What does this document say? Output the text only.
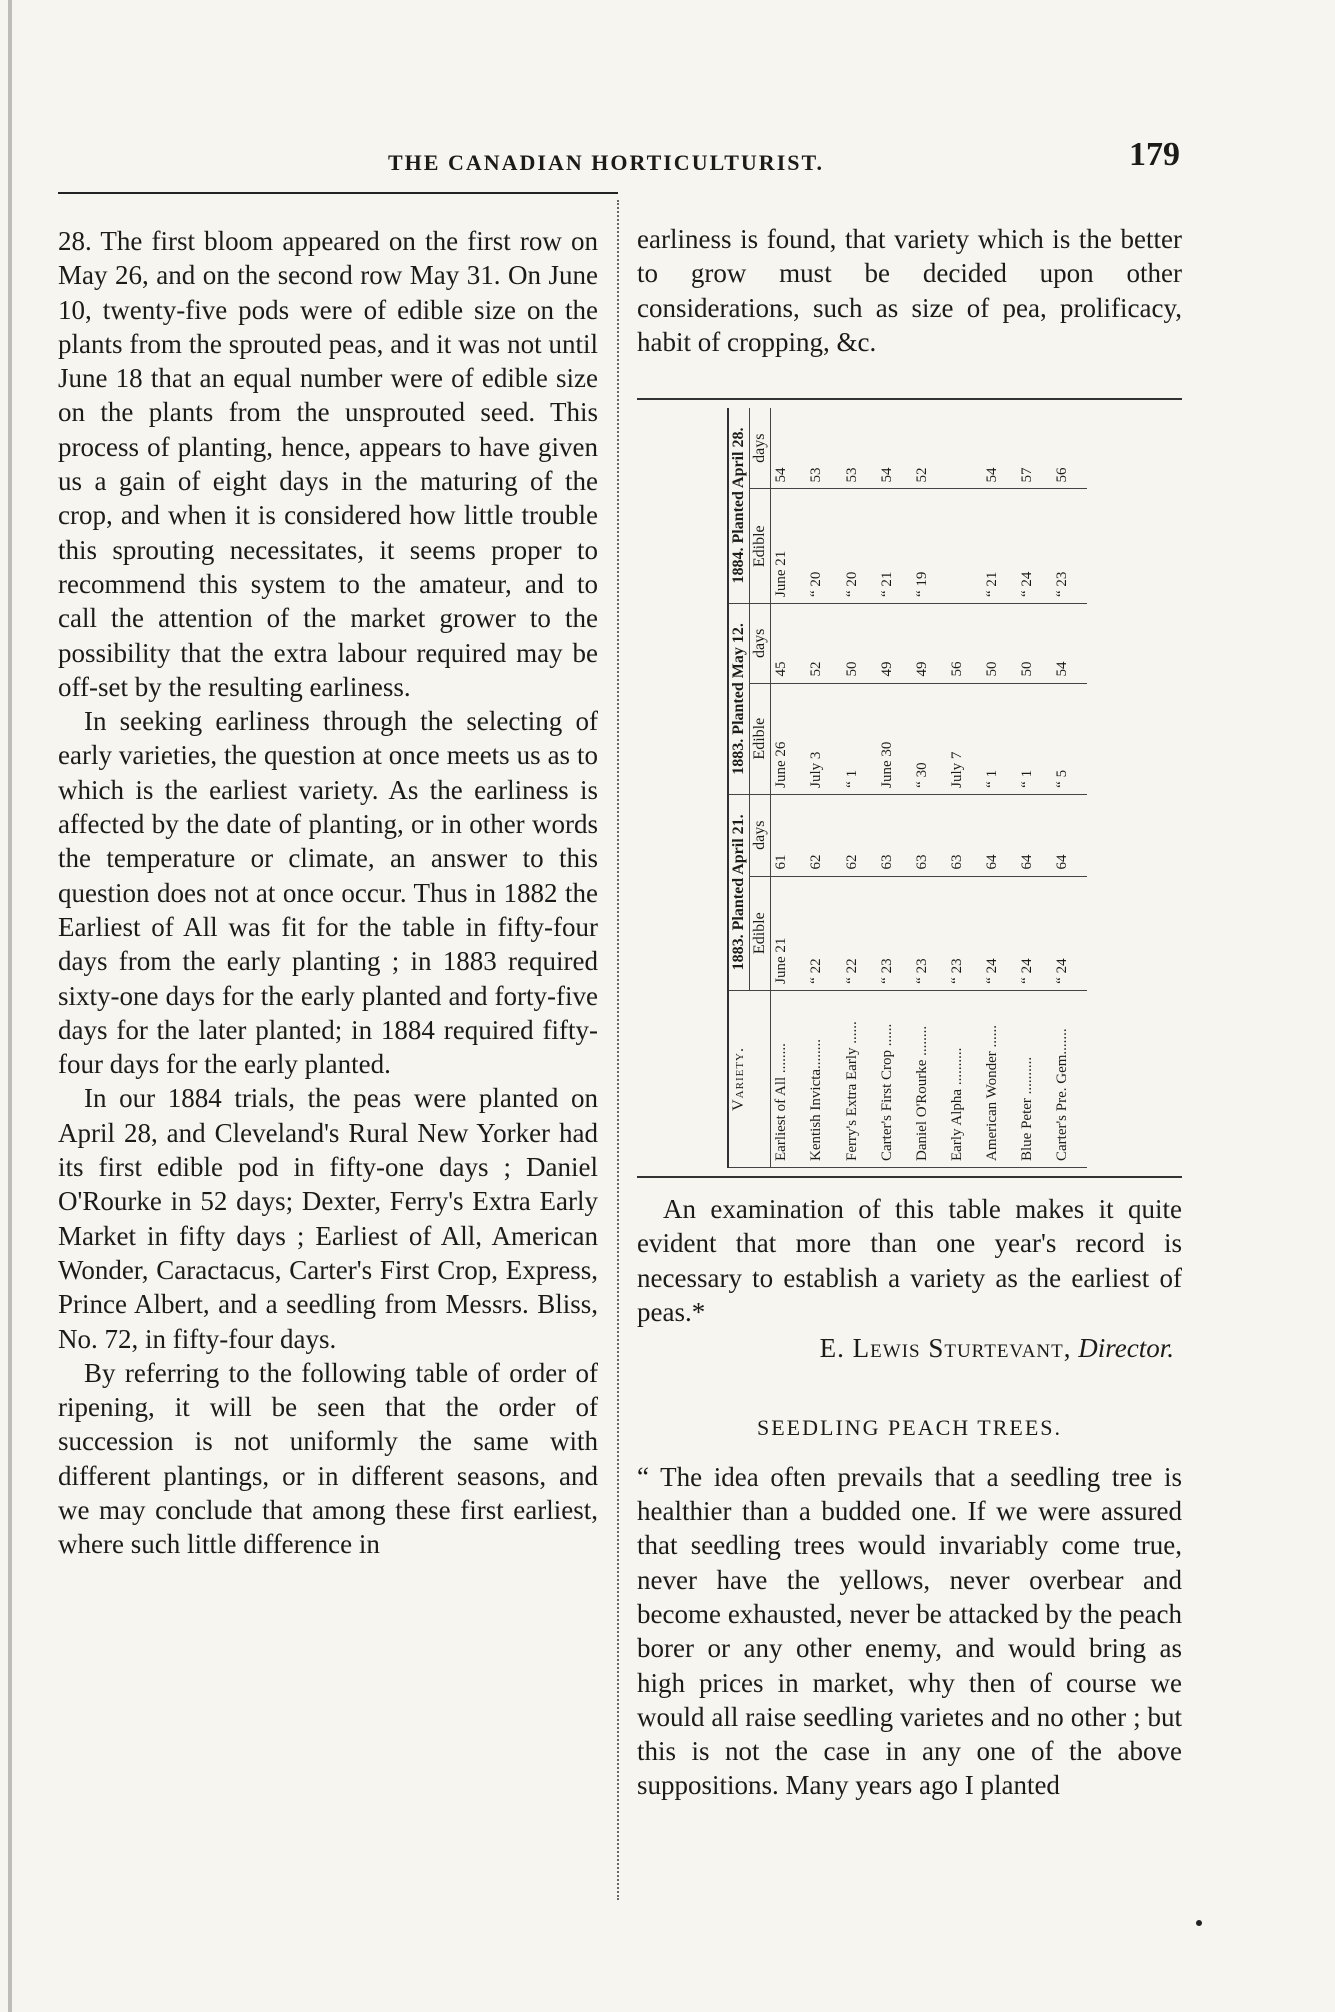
THE CANADIAN HORTICULTURIST.	179

28. The first bloom appeared on the first row on May 26, and on the second row May 31. On June 10, twenty-five pods were of edible size on the plants from the sprouted peas, and it was not until June 18 that an equal number were of edible size on the plants from the unsprouted seed. This process of planting, hence, appears to have given us a gain of eight days in the maturing of the crop, and when it is considered how little trouble this sprouting necessitates, it seems proper to recommend this system to the amateur, and to call the attention of the market grower to the possibility that the extra labour required may be off-set by the resulting earliness.

In seeking earliness through the selecting of early varieties, the question at once meets us as to which is the earliest variety. As the earliness is affected by the date of planting, or in other words the temperature or climate, an answer to this question does not at once occur. Thus in 1882 the Earliest of All was fit for the table in fifty-four days from the early planting ; in 1883 required sixty-one days for the early planted and forty-five days for the later planted; in 1884 required fifty-four days for the early planted.

In our 1884 trials, the peas were planted on April 28, and Cleveland's Rural New Yorker had its first edible pod in fifty-one days ; Daniel O'Rourke in 52 days; Dexter, Ferry's Extra Early Market in fifty days ; Earliest of All, American Wonder, Caractacus, Carter's First Crop, Express, Prince Albert, and a seedling from Messrs. Bliss, No. 72, in fifty-four days.

By referring to the following table of order of ripening, it will be seen that the order of succession is not uniformly the same with different plantings, or in different seasons, and we may conclude that among these first earliest, where such little difference in

earliness is found, that variety which is the better to grow must be decided upon other considerations, such as size of pea, prolificacy, habit of cropping, &c.

Variety.	1883. Planted April 21.		1883. Planted May 12.		1884. Planted April 28.	
	Edible	days	Edible	days	Edible	days
Earliest of All ........	June 21	61	June 26	45	June 21	54
Kentish Invicta........	“ 22	62	July 3	52	“ 20	53
Ferry's Extra Early ......	“ 22	62	“ 1	50	“ 20	53
Carter's First Crop ......	“ 23	63	June 30	49	“ 21	54
Daniel O'Rourke ........	“ 23	63	“ 30	49	“ 19	52
Early Alpha ..........	“ 23	63	July 7	56		
American Wonder ......	“ 24	64	“ 1	50	“ 21	54
Blue Peter ..........	“ 24	64	“ 1	50	“ 24	57
Carter's Pre. Gem.......	“ 24	64	“ 5	54	“ 23	56

An examination of this table makes it quite evident that more than one year's record is necessary to establish a variety as the earliest of peas.*

E. Lewis Sturtevant, Director.
SEEDLING PEACH TREES.

“ The idea often prevails that a seedling tree is healthier than a budded one. If we were assured that seedling trees would invariably come true, never have the yellows, never overbear and become exhausted, never be attacked by the peach borer or any other enemy, and would bring as high prices in market, why then of course we would all raise seedling varietes and no other ; but this is not the case in any one of the above suppositions. Many years ago I planted
